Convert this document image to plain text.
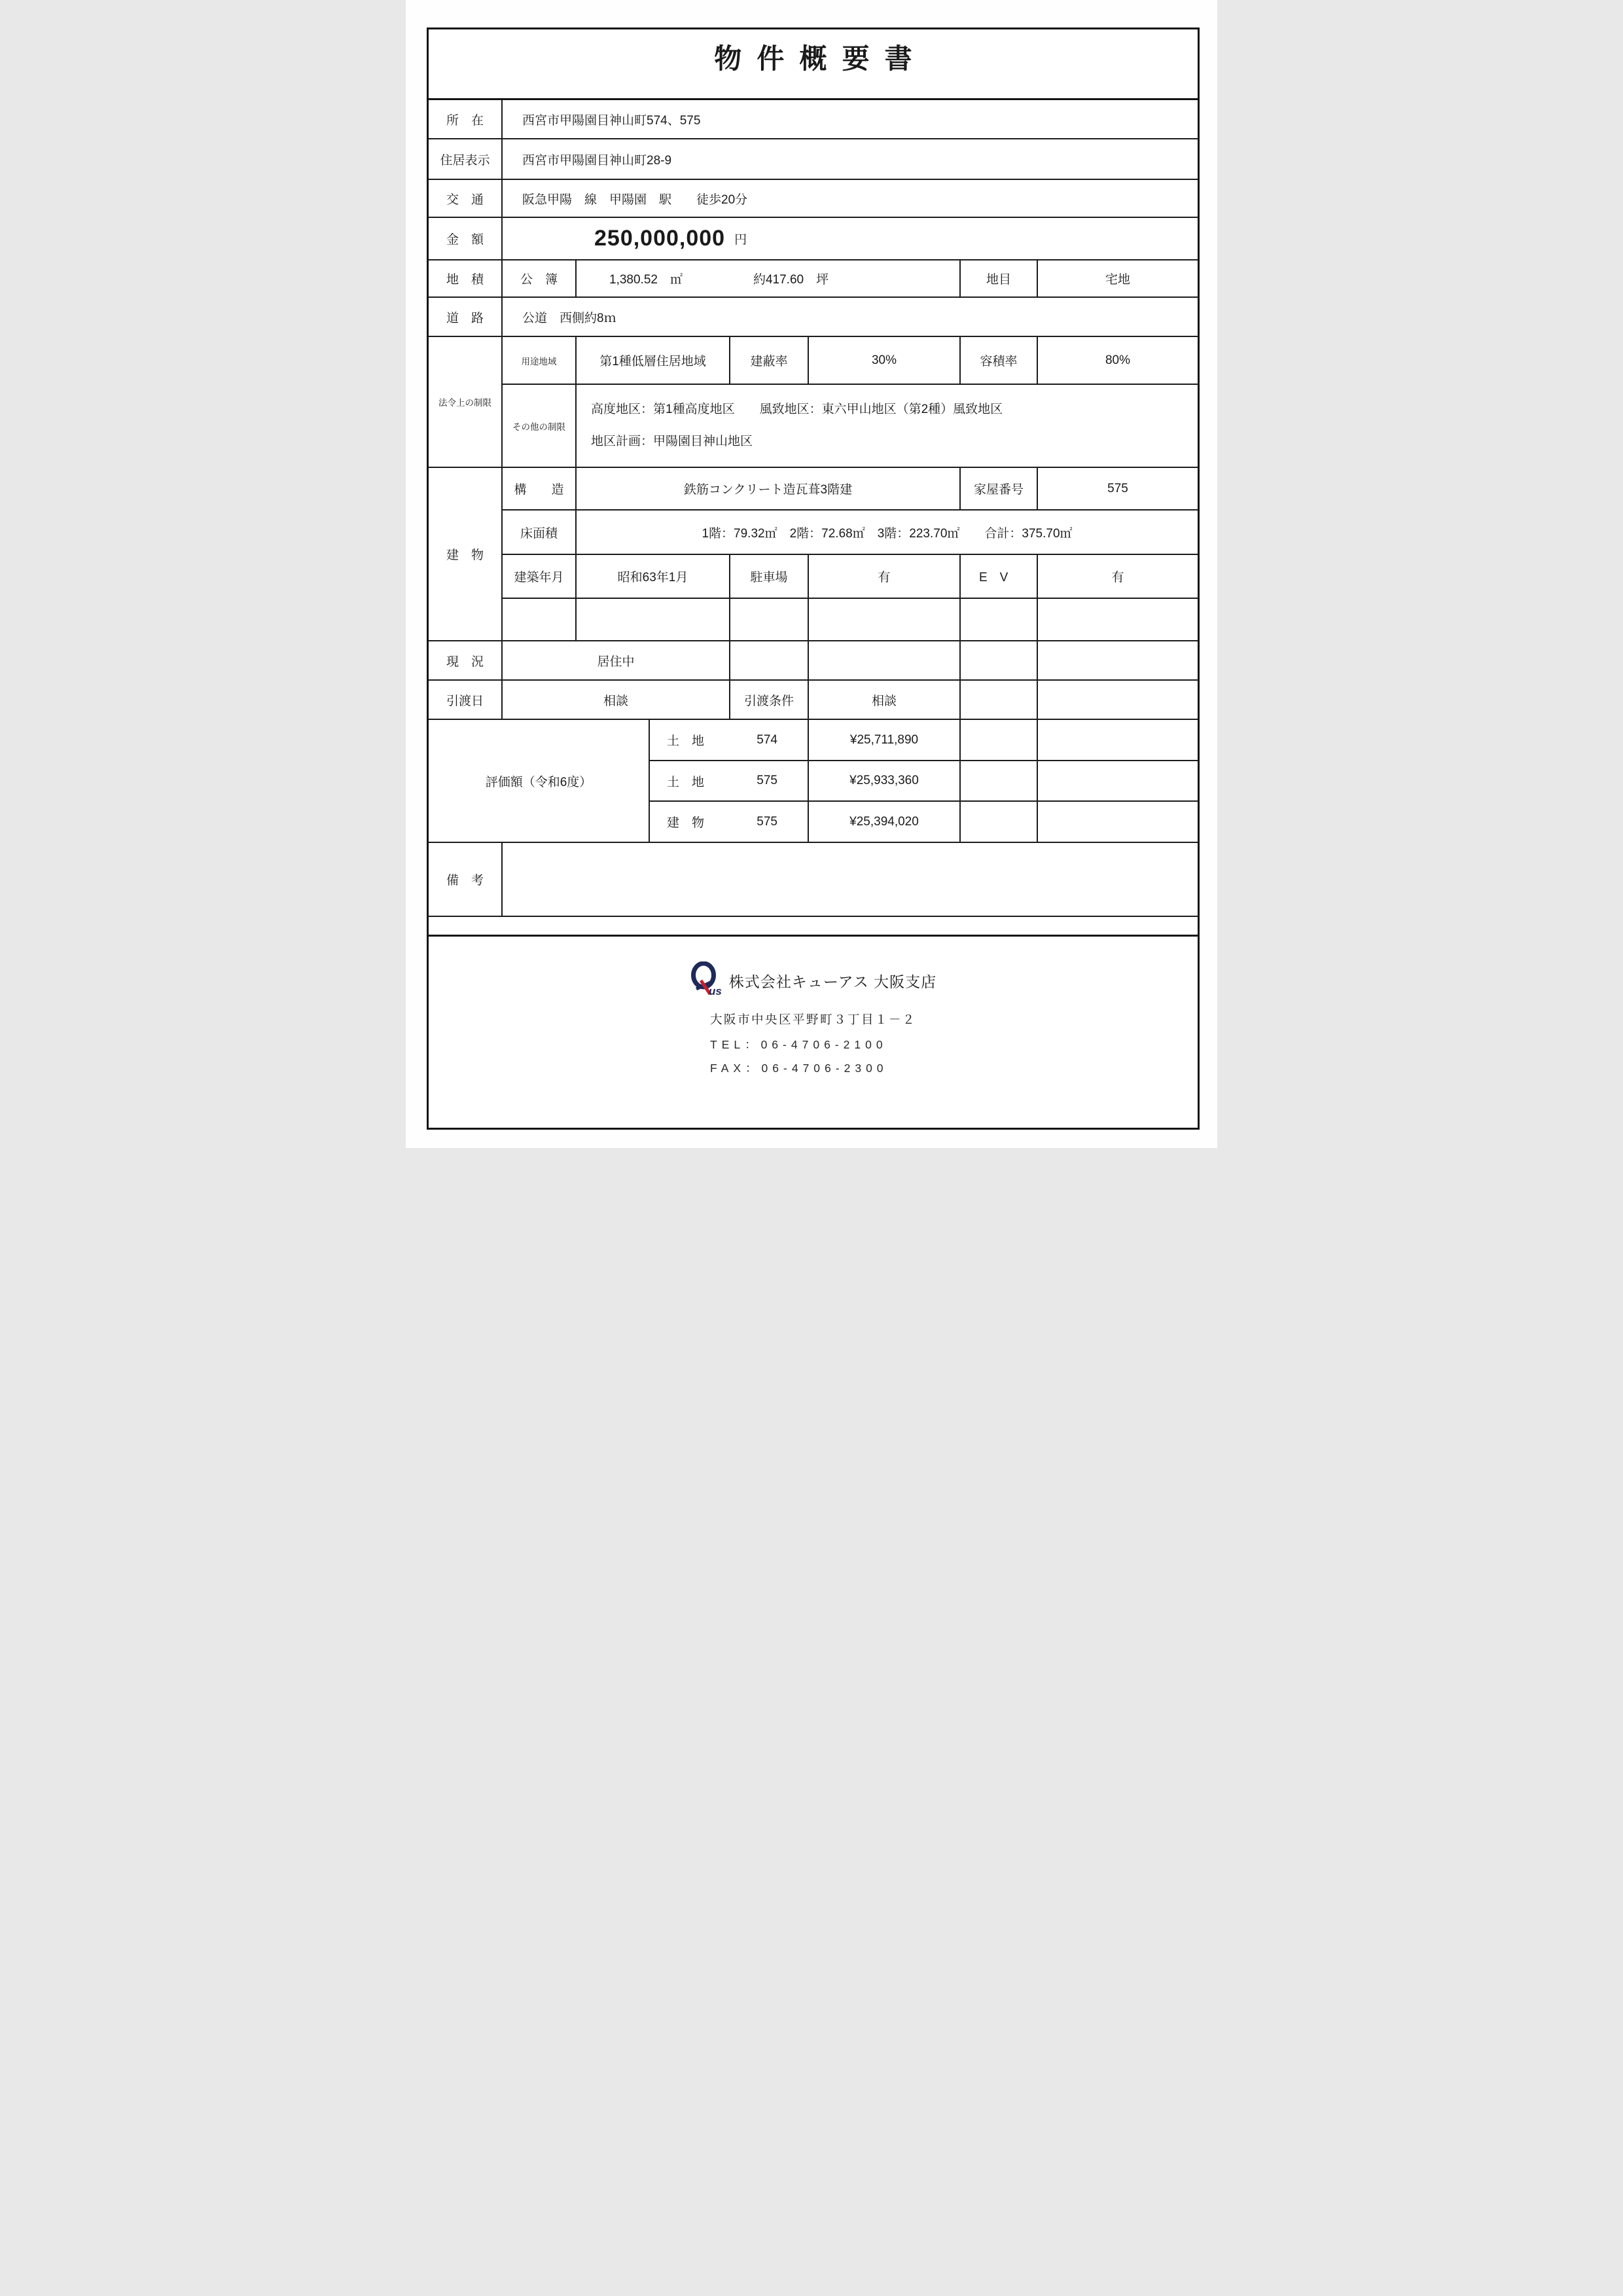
物件概要書
所　在	西宮市甲陽園目神山町574、575
住居表示	西宮市甲陽園目神山町28-9
交　通	阪急甲陽　線　甲陽園　駅　　徒歩20分
金　額	250,000,000 円
地　積	公　簿	1,380.52　㎡	約417.60　坪	地目	宅地
道　路	公道　西側約8ｍ
法令上の制限
用途地域	第1種低層住居地域	建蔽率	30%	容積率	80%
その他の制限
高度地区：第1種高度地区　　風致地区：東六甲山地区（第2種）風致地区
地区計画：甲陽園目神山地区
建　物
構　　造	鉄筋コンクリート造瓦葺3階建	家屋番号	575
床面積	1階：79.32㎡　2階：72.68㎡　3階：223.70㎡　　合計：375.70㎡
建築年月	昭和63年1月	駐車場	有	E　V	有
現　況	居住中
引渡日	相談	引渡条件	相談
評価額（令和6度）
土　地	574	¥25,711,890
土　地	575	¥25,933,360
建　物	575	¥25,394,020
備　考
us
株式会社キューアス 大阪支店
大阪市中央区平野町３丁目１－２
TEL：06-4706-2100
FAX：06-4706-2300
